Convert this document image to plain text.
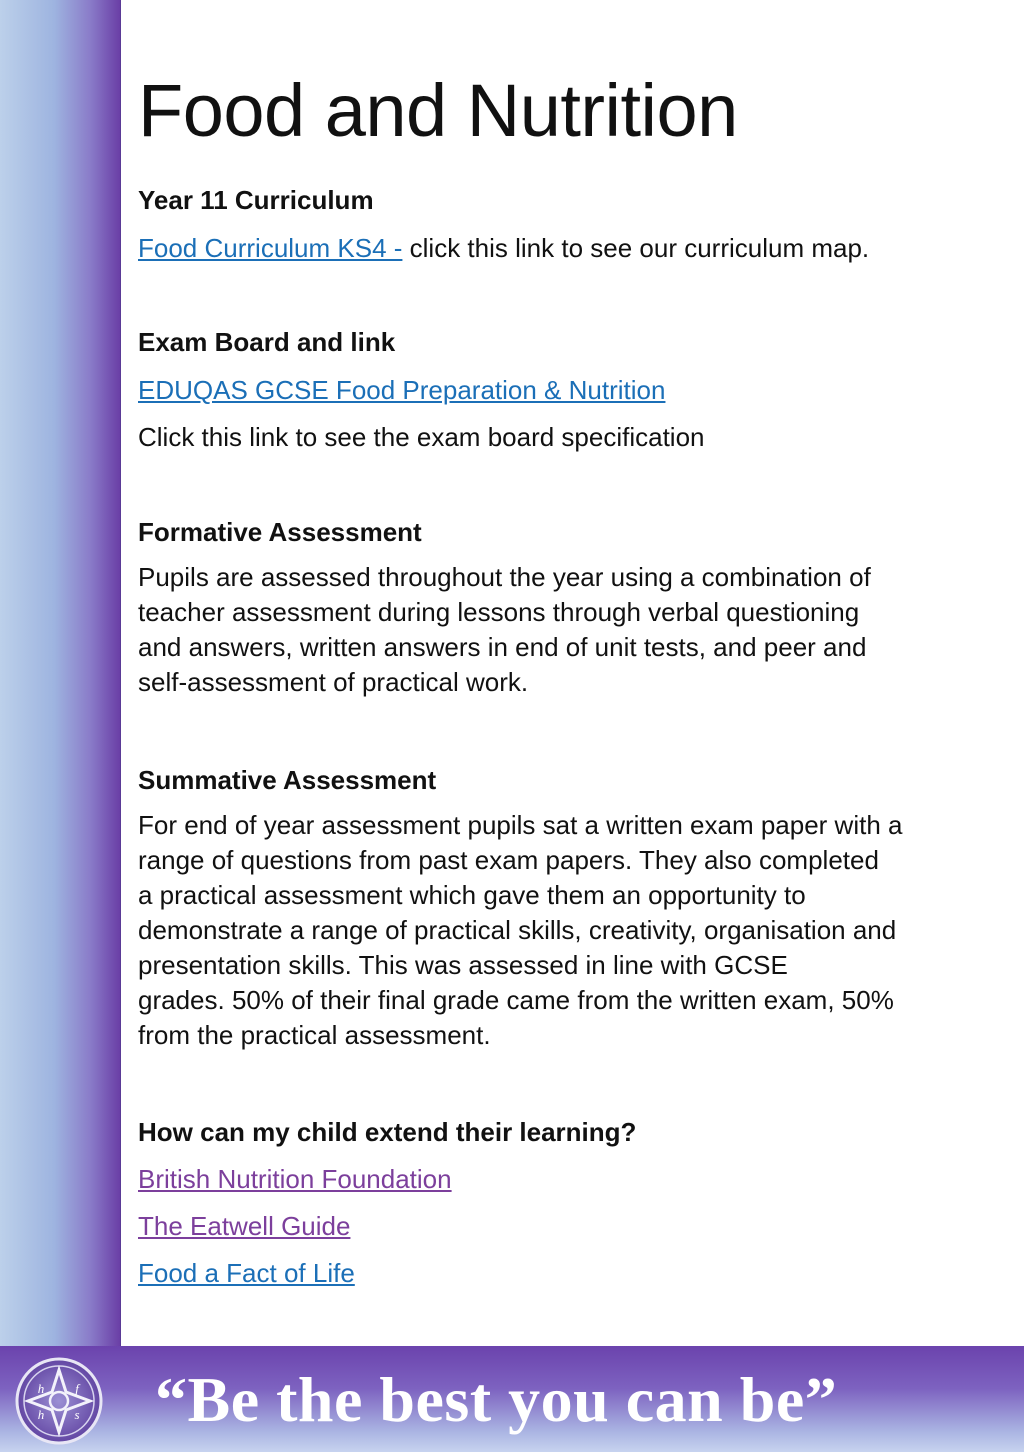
Food and Nutrition

Year 11 Curriculum

Food Curriculum KS4 - click this link to see our curriculum map.

Exam Board and link

EDUQAS GCSE Food Preparation & Nutrition
Click this link to see the exam board specification

Formative Assessment

Pupils are assessed throughout the year using a combination of
teacher assessment during lessons through verbal questioning
and answers, written answers in end of unit tests, and peer and
self-assessment of practical work.

Summative Assessment

For end of year assessment pupils sat a written exam paper with a
range of questions from past exam papers. They also completed
a practical assessment which gave them an opportunity to
demonstrate a range of practical skills, creativity, organisation and
presentation skills. This was assessed in line with GCSE
grades. 50% of their final grade came from the written exam, 50%
from the practical assessment.

How can my child extend their learning?

British Nutrition Foundation
The Eatwell Guide
Food a Fact of Life
h f
h s “Be the best you can be”
